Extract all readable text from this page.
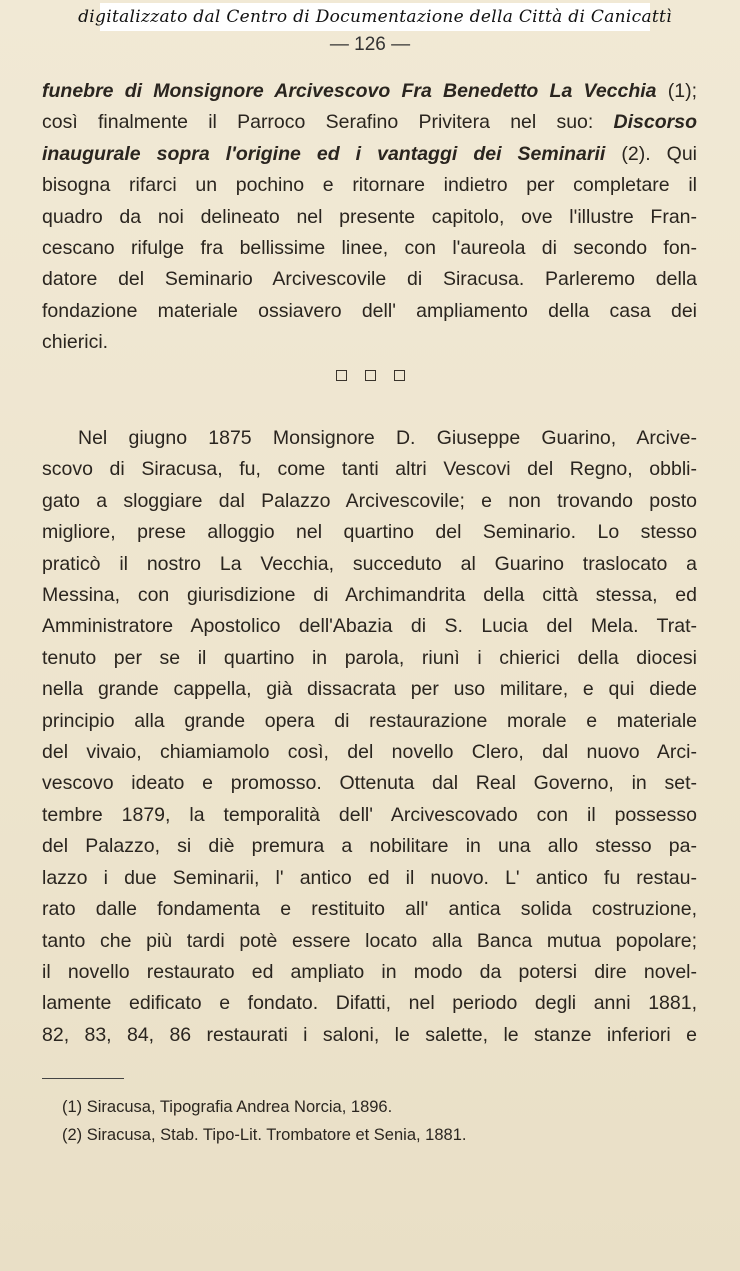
digitalizzato dal Centro di Documentazione della Città di Canicattì
— 126 —
funebre di Monsignore Arcivescovo Fra Benedetto La Vecchia (1);
così finalmente il Parroco Serafino Privitera nel suo: Discorso
inaugurale sopra l'origine ed i vantaggi dei Seminarii (2). Qui
bisogna rifarci un pochino e ritornare indietro per completare il
quadro da noi delineato nel presente capitolo, ove l'illustre Fran-
cescano rifulge fra bellissime linee, con l'aureola di secondo fon-
datore del Seminario Arcivescovile di Siracusa. Parleremo della
fondazione materiale ossiavero dell' ampliamento della casa dei
chierici.
Nel giugno 1875 Monsignore D. Giuseppe Guarino, Arcive-
scovo di Siracusa, fu, come tanti altri Vescovi del Regno, obbli-
gato a sloggiare dal Palazzo Arcivescovile; e non trovando posto
migliore, prese alloggio nel quartino del Seminario. Lo stesso
praticò il nostro La Vecchia, succeduto al Guarino traslocato a
Messina, con giurisdizione di Archimandrita della città stessa, ed
Amministratore Apostolico dell'Abazia di S. Lucia del Mela. Trat-
tenuto per se il quartino in parola, riunì i chierici della diocesi
nella grande cappella, già dissacrata per uso militare, e qui diede
principio alla grande opera di restaurazione morale e materiale
del vivaio, chiamiamolo così, del novello Clero, dal nuovo Arci-
vescovo ideato e promosso. Ottenuta dal Real Governo, in set-
tembre 1879, la temporalità dell' Arcivescovado con il possesso
del Palazzo, si diè premura a nobilitare in una allo stesso pa-
lazzo i due Seminarii, l' antico ed il nuovo. L' antico fu restau-
rato dalle fondamenta e restituito all' antica solida costruzione,
tanto che più tardi potè essere locato alla Banca mutua popolare;
il novello restaurato ed ampliato in modo da potersi dire novel-
lamente edificato e fondato. Difatti, nel periodo degli anni 1881,
82, 83, 84, 86 restaurati i saloni, le salette, le stanze inferiori e
(1) Siracusa, Tipografia Andrea Norcia, 1896.
(2) Siracusa, Stab. Tipo-Lit. Trombatore et Senia, 1881.
